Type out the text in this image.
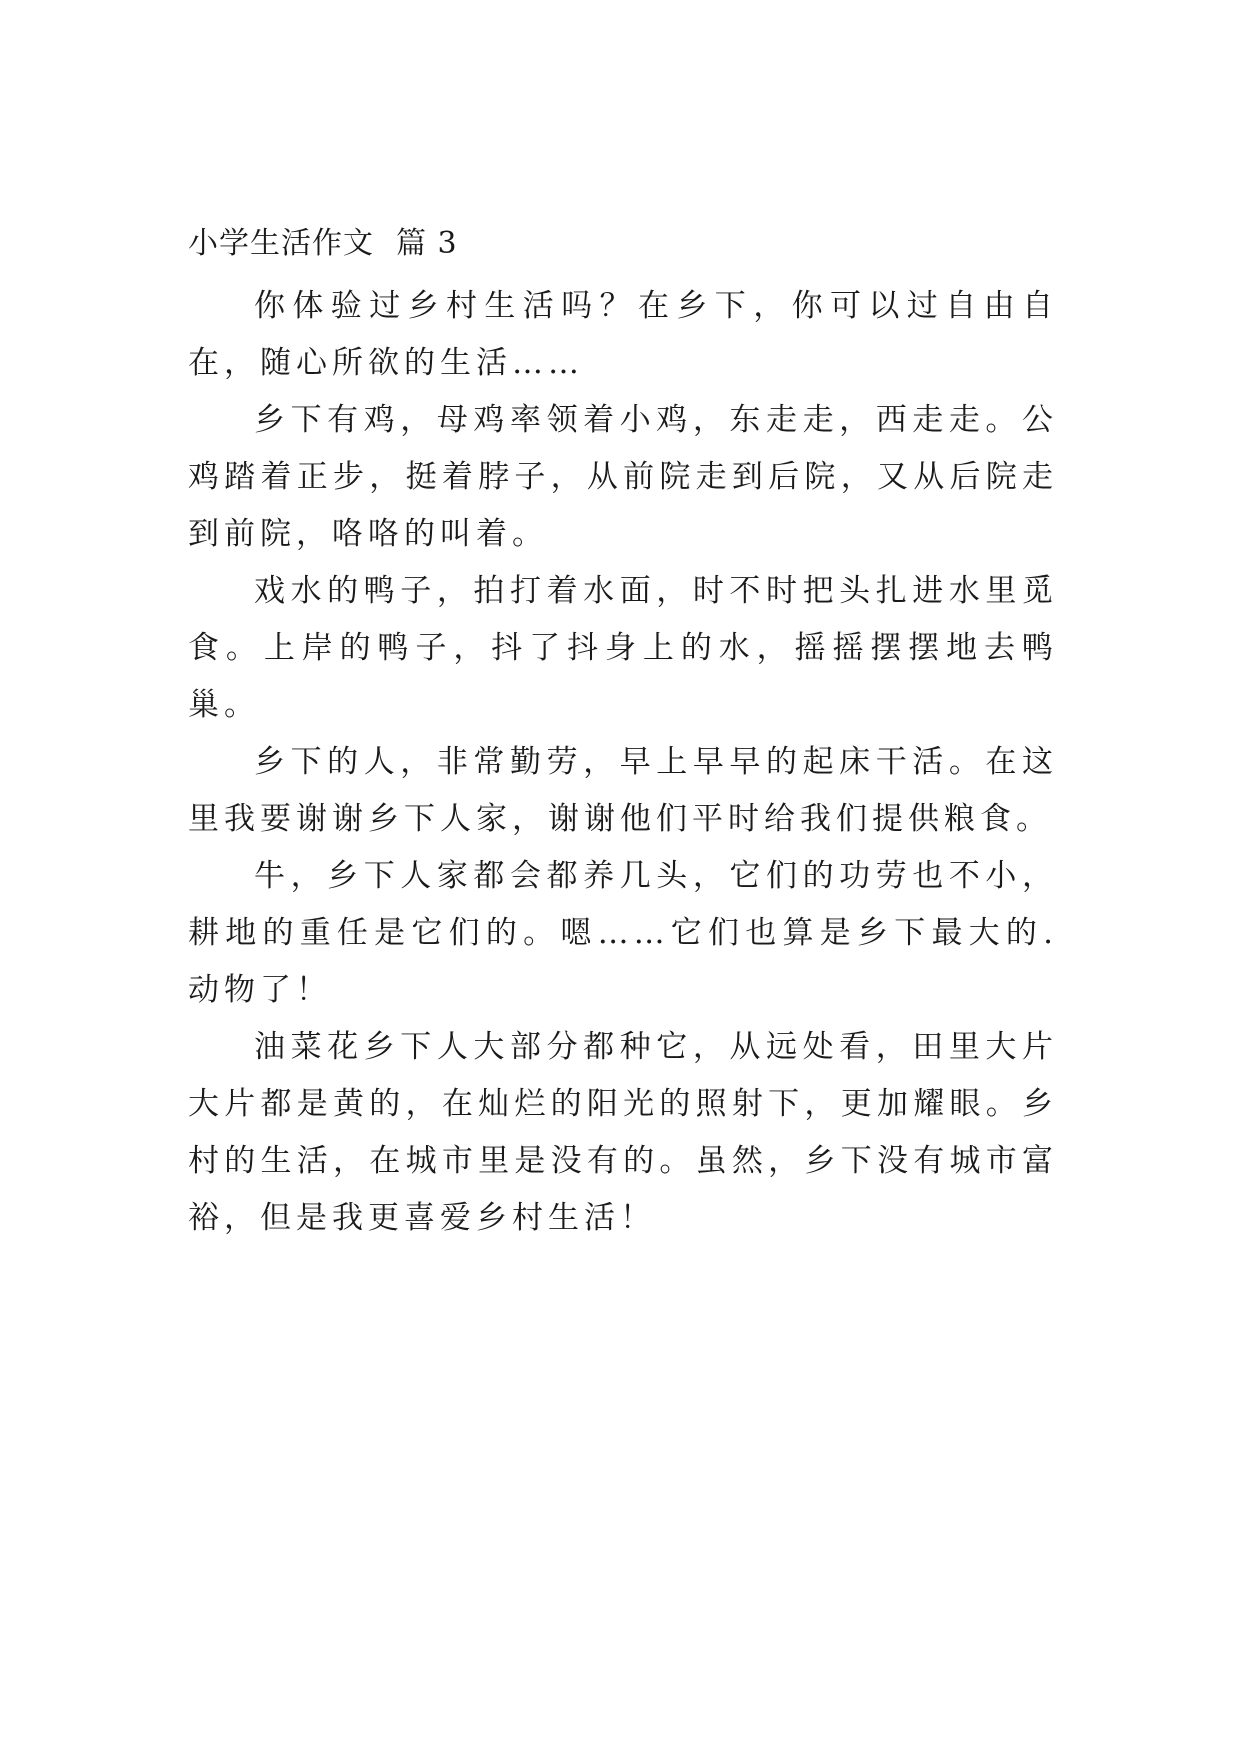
小学生活作文 篇 3

你体验过乡村生活吗？在乡下，你可以过自由自在，随心所欲的生活……

乡下有鸡，母鸡率领着小鸡，东走走，西走走。公鸡踏着正步，挺着脖子，从前院走到后院，又从后院走到前院，咯咯的叫着。

戏水的鸭子，拍打着水面，时不时把头扎进水里觅食。上岸的鸭子，抖了抖身上的水，摇摇摆摆地去鸭巢。

乡下的人，非常勤劳，早上早早的起床干活。在这里我要谢谢乡下人家，谢谢他们平时给我们提供粮食。

牛，乡下人家都会都养几头，它们的功劳也不小，耕地的重任是它们的。嗯……它们也算是乡下最大的.动物了！

油菜花乡下人大部分都种它，从远处看，田里大片大片都是黄的，在灿烂的阳光的照射下，更加耀眼。乡村的生活，在城市里是没有的。虽然，乡下没有城市富裕，但是我更喜爱乡村生活！
